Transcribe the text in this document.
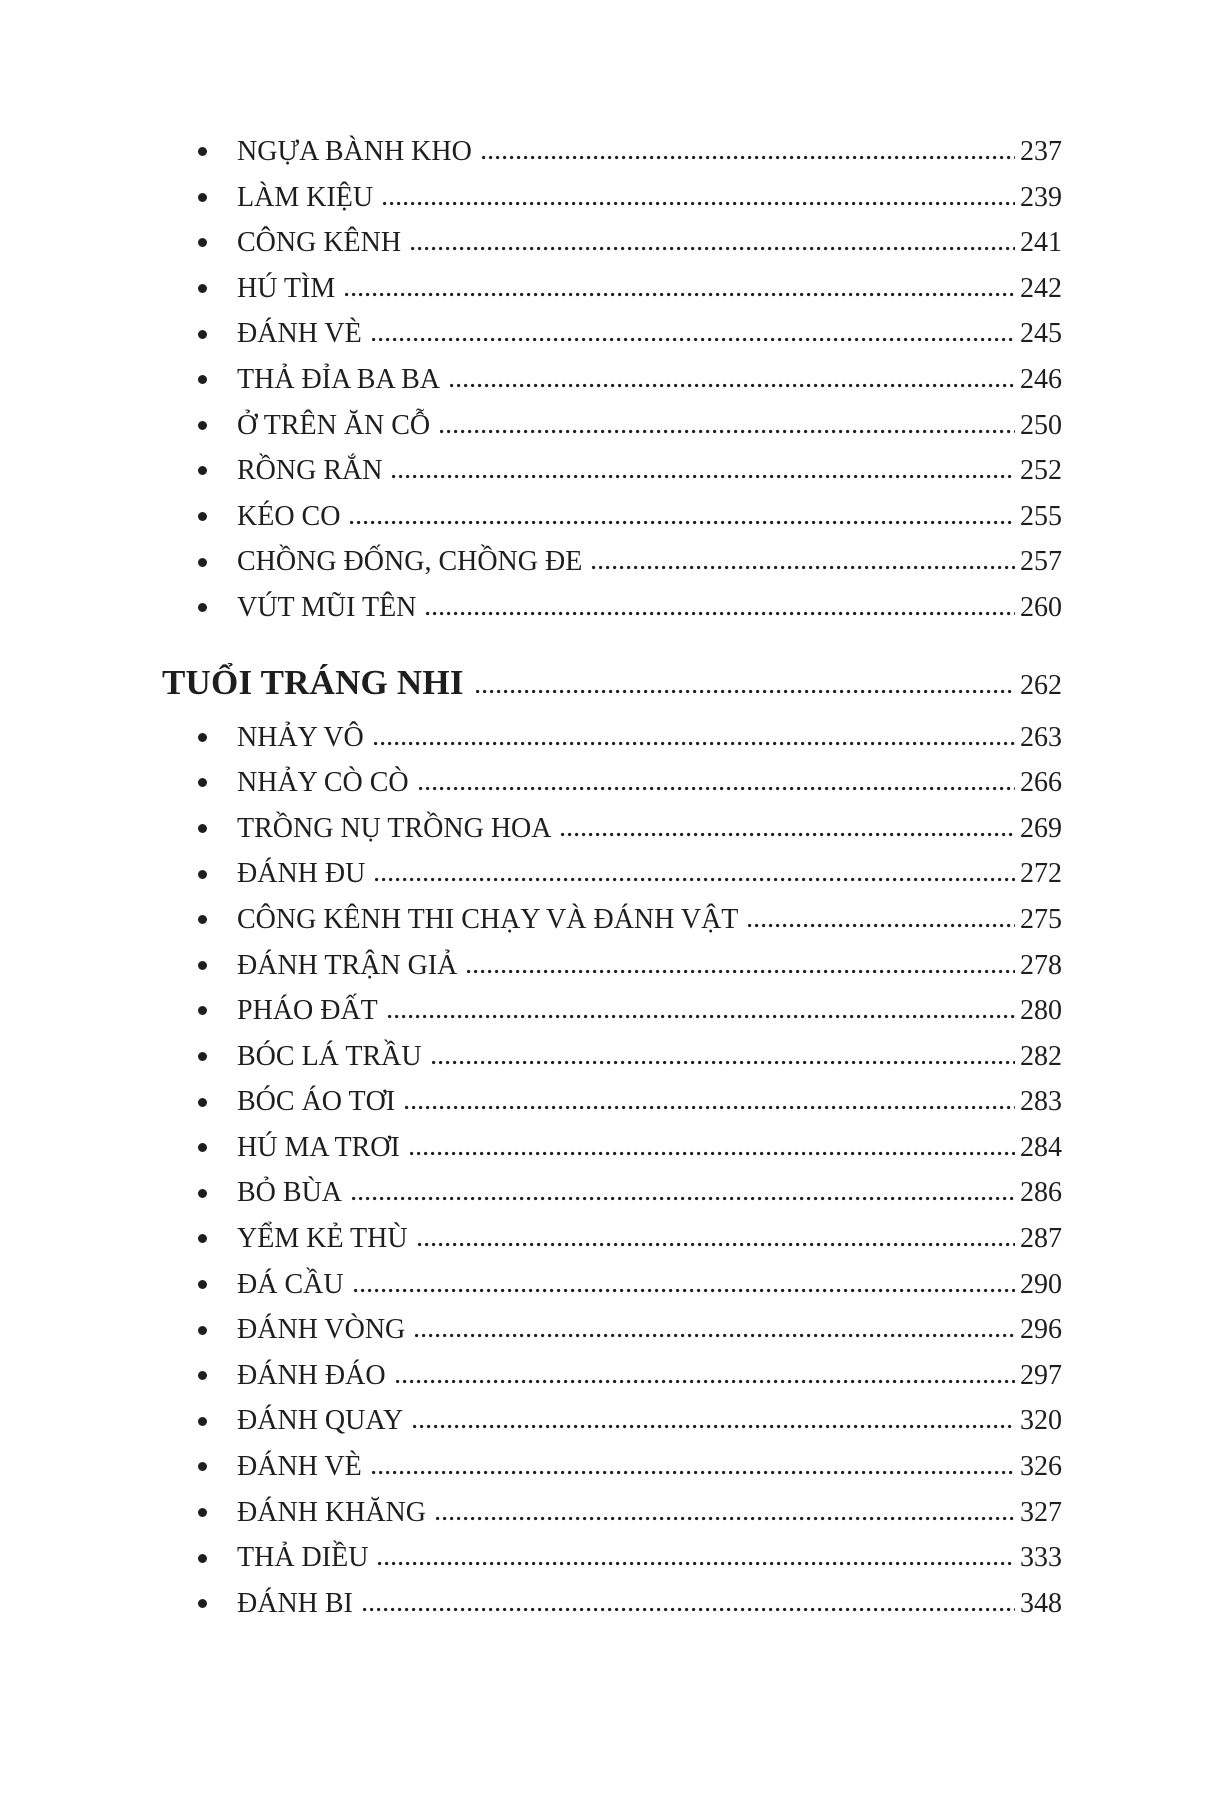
NGỰA BÀNH KHO	237
LÀM KIỆU	239
CÔNG KÊNH	241
HÚ TÌM	242
ĐÁNH VÈ	245
THẢ ĐỈA BA BA	246
Ở TRÊN ĂN CỖ	250
RỒNG RẮN	252
KÉO CO	255
CHỒNG ĐỐNG, CHỒNG ĐE	257
VÚT MŨI TÊN	260
TUỔI TRÁNG NHI	262
NHẢY VÔ	263
NHẢY CÒ CÒ	266
TRỒNG NỤ TRỒNG HOA	269
ĐÁNH ĐU	272
CÔNG KÊNH THI CHẠY VÀ ĐÁNH VẬT	275
ĐÁNH TRẬN GIẢ	278
PHÁO ĐẤT	280
BÓC LÁ TRẦU	282
BÓC ÁO TƠI	283
HÚ MA TRƠI	284
BỎ BÙA	286
YỂM KẺ THÙ	287
ĐÁ CẦU	290
ĐÁNH VÒNG	296
ĐÁNH ĐÁO	297
ĐÁNH QUAY	320
ĐÁNH VÈ	326
ĐÁNH KHĂNG	327
THẢ DIỀU	333
ĐÁNH BI	348
